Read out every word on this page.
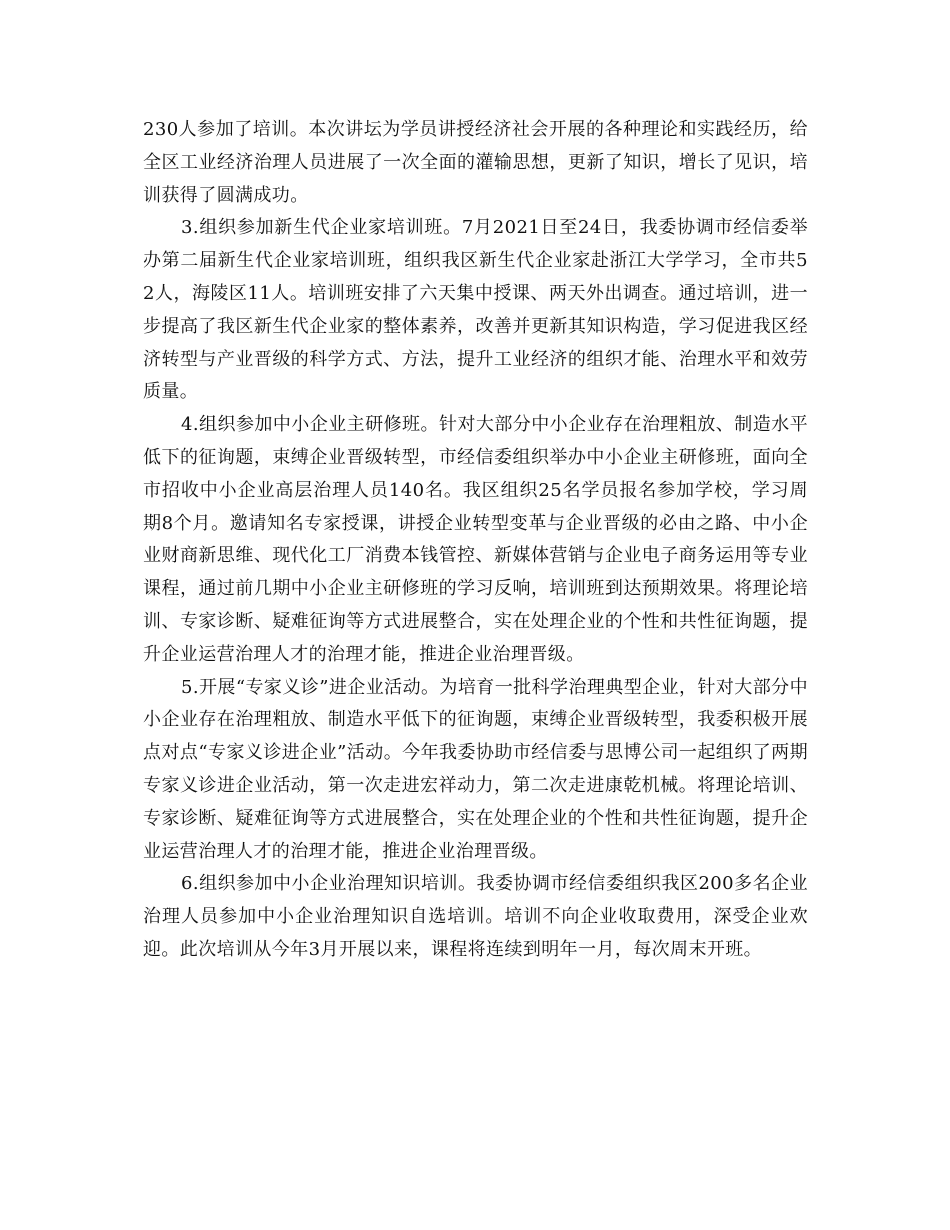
230人参加了培训。本次讲坛为学员讲授经济社会开展的各种理论和实践经历，给全区工业经济治理人员进展了一次全面的灌输思想，更新了知识，增长了见识，培训获得了圆满成功。

3.组织参加新生代企业家培训班。7月2021日至24日，我委协调市经信委举办第二届新生代企业家培训班，组织我区新生代企业家赴浙江大学学习，全市共52人，海陵区11人。培训班安排了六天集中授课、两天外出调查。通过培训，进一步提高了我区新生代企业家的整体素养，改善并更新其知识构造，学习促进我区经济转型与产业晋级的科学方式、方法，提升工业经济的组织才能、治理水平和效劳质量。

4.组织参加中小企业主研修班。针对大部分中小企业存在治理粗放、制造水平低下的征询题，束缚企业晋级转型，市经信委组织举办中小企业主研修班，面向全市招收中小企业高层治理人员140名。我区组织25名学员报名参加学校，学习周期8个月。邀请知名专家授课，讲授企业转型变革与企业晋级的必由之路、中小企业财商新思维、现代化工厂消费本钱管控、新媒体营销与企业电子商务运用等专业课程，通过前几期中小企业主研修班的学习反响，培训班到达预期效果。将理论培训、专家诊断、疑难征询等方式进展整合，实在处理企业的个性和共性征询题，提升企业运营治理人才的治理才能，推进企业治理晋级。

5.开展“专家义诊”进企业活动。为培育一批科学治理典型企业，针对大部分中小企业存在治理粗放、制造水平低下的征询题，束缚企业晋级转型，我委积极开展点对点“专家义诊进企业”活动。今年我委协助市经信委与思博公司一起组织了两期专家义诊进企业活动，第一次走进宏祥动力，第二次走进康乾机械。将理论培训、专家诊断、疑难征询等方式进展整合，实在处理企业的个性和共性征询题，提升企业运营治理人才的治理才能，推进企业治理晋级。

6.组织参加中小企业治理知识培训。我委协调市经信委组织我区200多名企业治理人员参加中小企业治理知识自选培训。培训不向企业收取费用，深受企业欢迎。此次培训从今年3月开展以来，课程将连续到明年一月，每次周末开班。
